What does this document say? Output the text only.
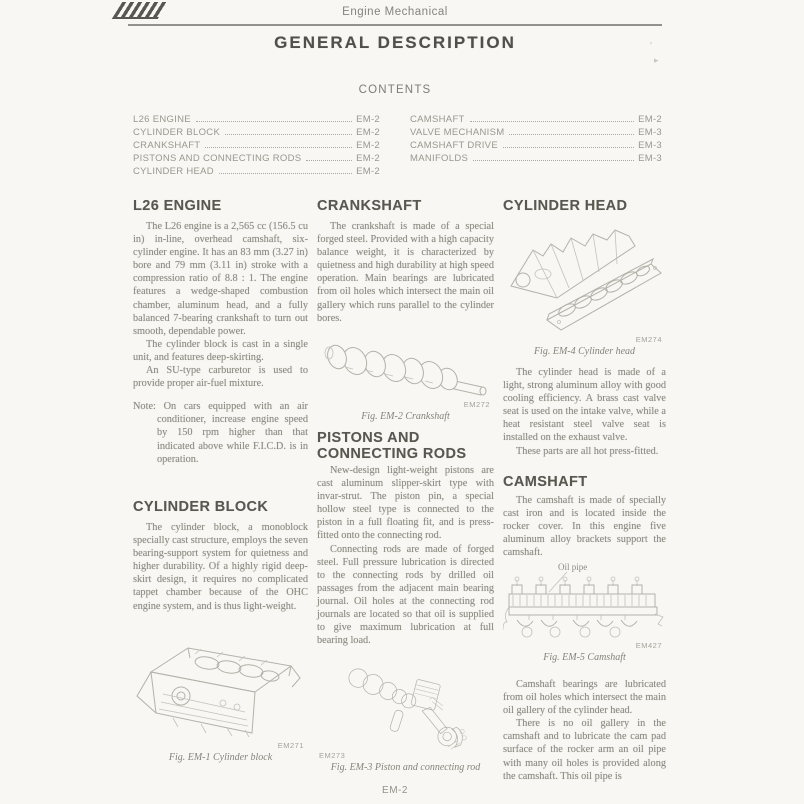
Engine Mechanical
GENERAL DESCRIPTION	’
▸
CONTENTS
L26 ENGINE	EM-2
CYLINDER BLOCK	EM-2
CRANKSHAFT	EM-2
PISTONS AND CONNECTING RODS	EM-2
CYLINDER HEAD	EM-2
CAMSHAFT	EM-2
VALVE MECHANISM	EM-3
CAMSHAFT DRIVE	EM-3
MANIFOLDS	EM-3
L26 ENGINE

The L26 engine is a 2,565 cc (156.5 cu in) in-line, overhead camshaft, six-cylinder engine. It has an 83 mm (3.27 in) bore and 79 mm (3.11 in) stroke with a compression ratio of 8.8 : 1. The engine features a wedge-shaped combustion chamber, aluminum head, and a fully balanced 7-bearing crankshaft to turn out smooth, dependable power.

The cylinder block is cast in a single unit, and features deep-skirting.

An SU-type carburetor is used to provide proper air-fuel mixture.

Note: On cars equipped with an air conditioner, increase engine speed by 150 rpm higher than that indicated above while F.I.C.D. is in operation.

CYLINDER BLOCK

The cylinder block, a monoblock specially cast structure, employs the seven bearing-support system for quietness and higher durability. Of a highly rigid deep-skirt design, it requires no complicated tappet chamber because of the OHC engine system, and is thus light-weight.

EM271
Fig. EM-1 Cylinder block
CRANKSHAFT

The crankshaft is made of a special forged steel. Provided with a high capacity balance weight, it is characterized by quietness and high durability at high speed operation. Main bearings are lubricated from oil holes which intersect the main oil gallery which runs parallel to the cylinder bores.

EM272
Fig. EM-2 Crankshaft
PISTONS AND CONNECTING RODS

New-design light-weight pistons are cast aluminum slipper-skirt type with invar-strut. The piston pin, a special hollow steel type is connected to the piston in a full floating fit, and is press-fitted onto the connecting rod.

Connecting rods are made of forged steel. Full pressure lubrication is directed to the connecting rods by drilled oil passages from the adjacent main bearing journal. Oil holes at the connecting rod journals are located so that oil is supplied to give maximum lubrication at full bearing load.

EM273
Fig. EM-3 Piston and connecting rod
CYLINDER HEAD
EM274
Fig. EM-4 Cylinder head

The cylinder head is made of a light, strong aluminum alloy with good cooling efficiency. A brass cast valve seat is used on the intake valve, while a heat resistant steel valve seat is installed on the exhaust valve.

These parts are all hot press-fitted.

CAMSHAFT

The camshaft is made of specially cast iron and is located inside the rocker cover. In this engine five aluminum alloy brackets support the camshaft.

Oil pipe
EM427
Fig. EM-5 Camshaft

Camshaft bearings are lubricated from oil holes which intersect the main oil gallery of the cylinder head.

There is no oil gallery in the camshaft and to lubricate the cam pad surface of the rocker arm an oil pipe with many oil holes is provided along the camshaft. This oil pipe is

EM-2
